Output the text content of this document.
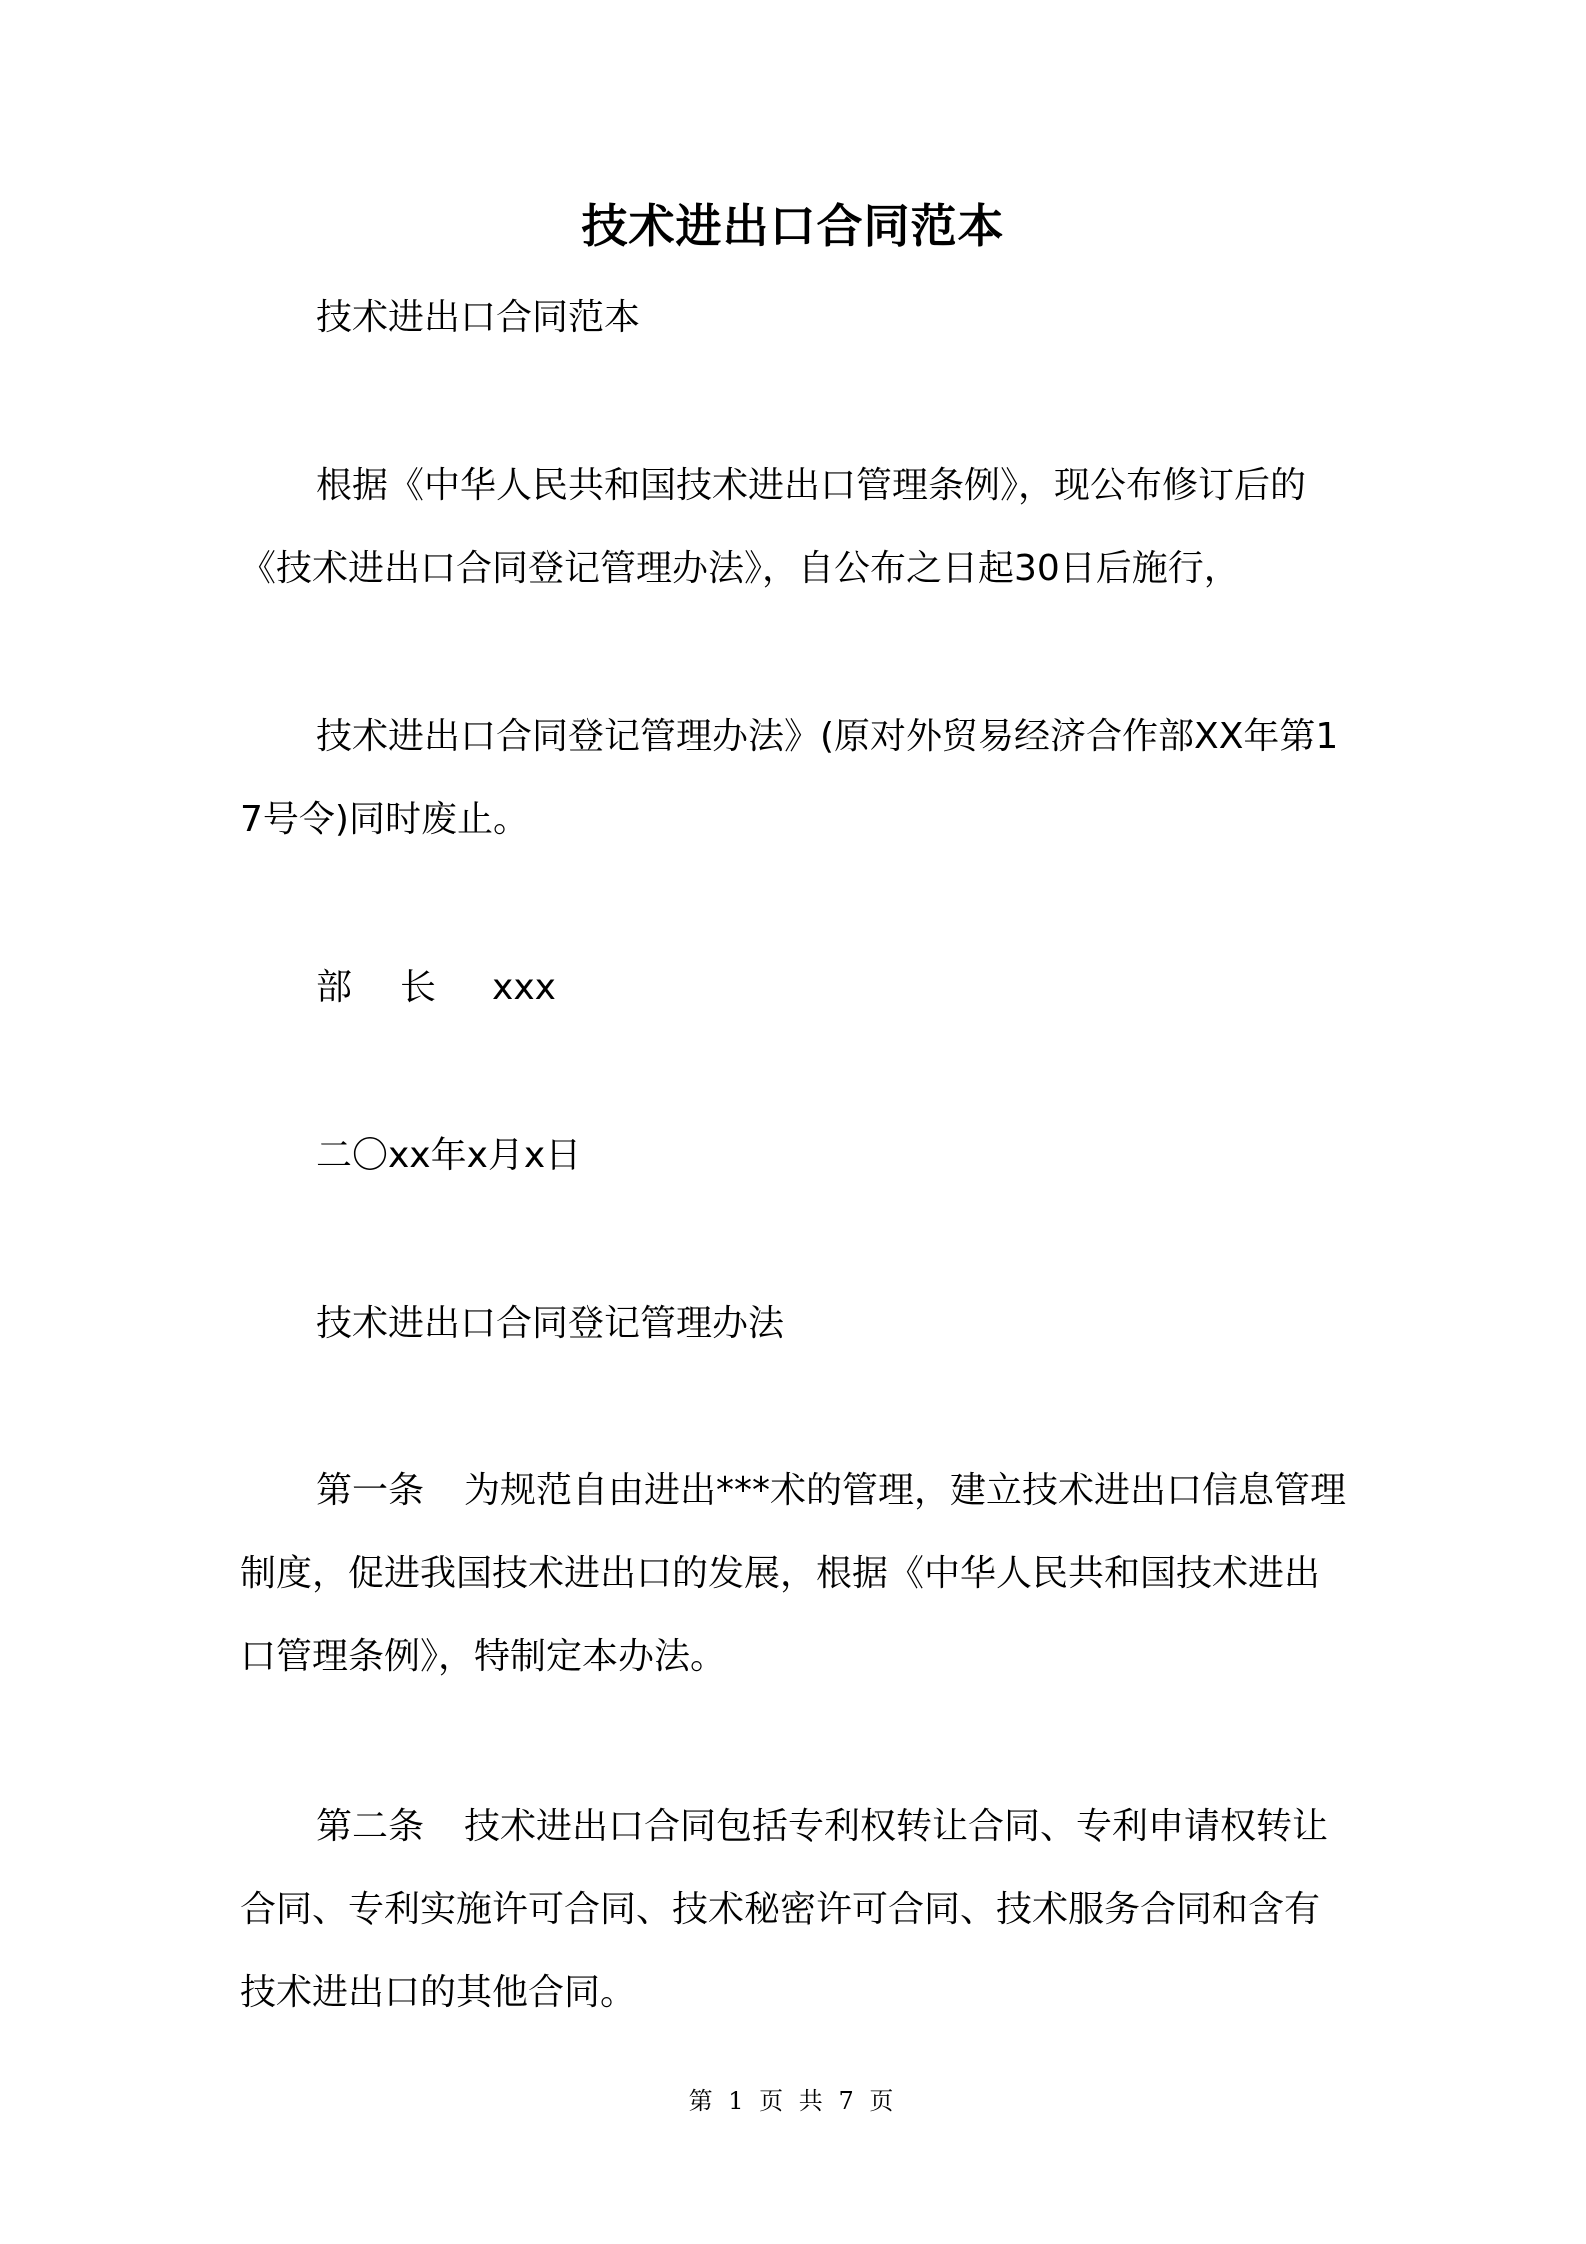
技术进出口合同范本
技术进出口合同范本
根据《中华人民共和国技术进出口管理条例》，现公布修订后的《技术进出口合同登记管理办法》，自公布之日起30日后施行，
技术进出口合同登记管理办法》(原对外贸易经济合作部XX年第17号令)同时废止。
部 长 xxx
二〇xx年x月x日
技术进出口合同登记管理办法
第一条 为规范自由进出***术的管理，建立技术进出口信息管理制度，促进我国技术进出口的发展，根据《中华人民共和国技术进出口管理条例》，特制定本办法。
第二条 技术进出口合同包括专利权转让合同、专利申请权转让合同、专利实施许可合同、技术秘密许可合同、技术服务合同和含有技术进出口的其他合同。
第 1 页 共 7 页
